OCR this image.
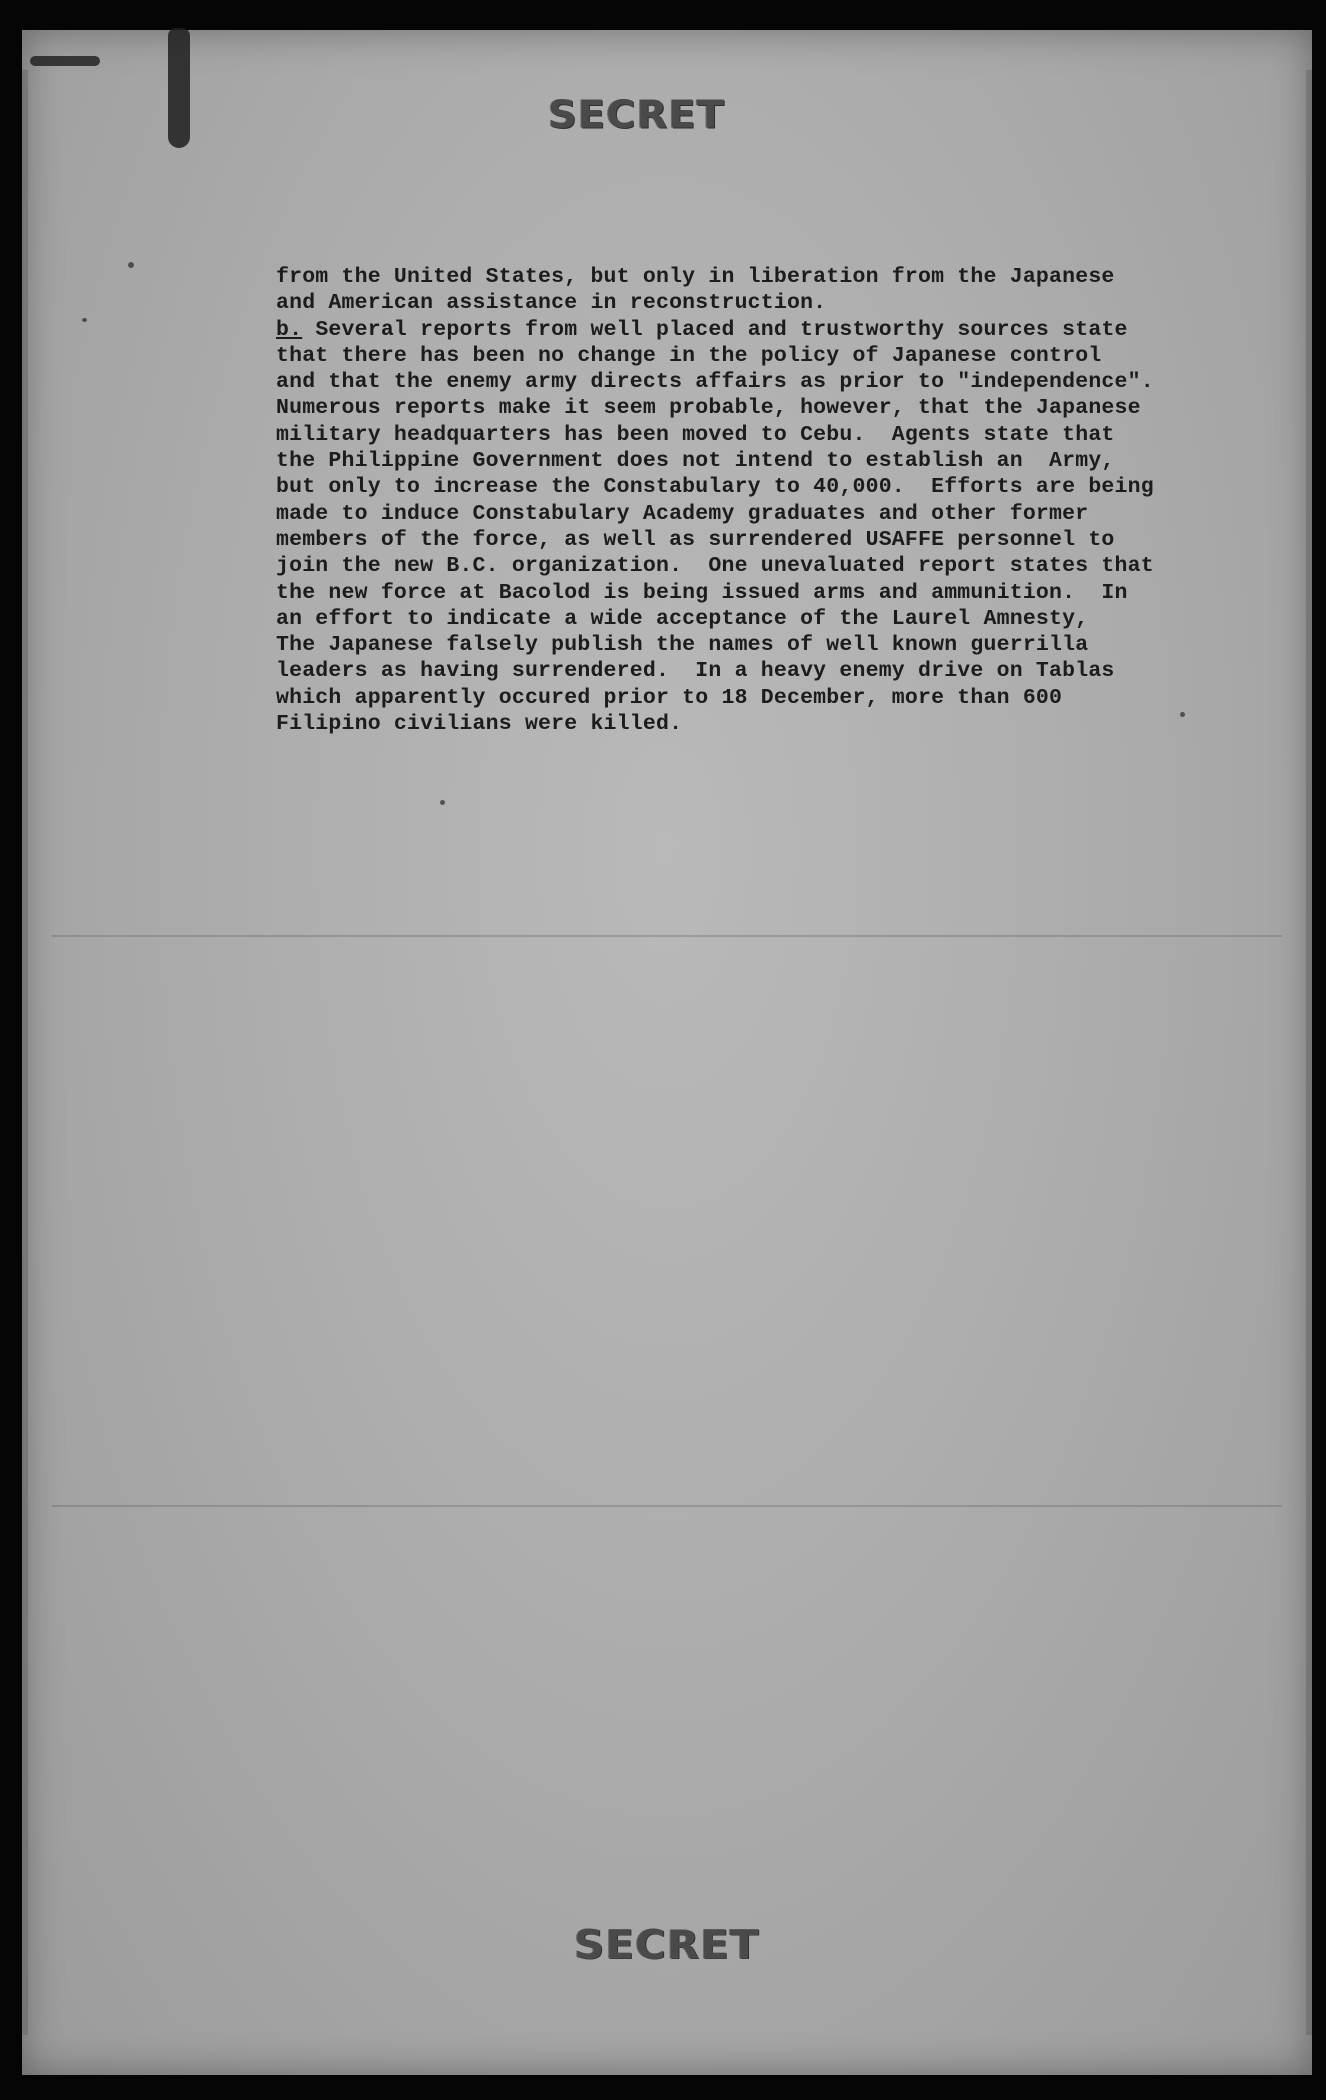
SECRET
from the United States, but only in liberation from the Japanese
and American assistance in reconstruction.
b. Several reports from well placed and trustworthy sources state
that there has been no change in the policy of Japanese control
and that the enemy army directs affairs as prior to "independence".
Numerous reports make it seem probable, however, that the Japanese
military headquarters has been moved to Cebu.  Agents state that
the Philippine Government does not intend to establish an  Army,
but only to increase the Constabulary to 40,000.  Efforts are being
made to induce Constabulary Academy graduates and other former
members of the force, as well as surrendered USAFFE personnel to
join the new B.C. organization.  One unevaluated report states that
the new force at Bacolod is being issued arms and ammunition.  In
an effort to indicate a wide acceptance of the Laurel Amnesty,
The Japanese falsely publish the names of well known guerrilla
leaders as having surrendered.  In a heavy enemy drive on Tablas
which apparently occured prior to 18 December, more than 600
Filipino civilians were killed.
SECRET
